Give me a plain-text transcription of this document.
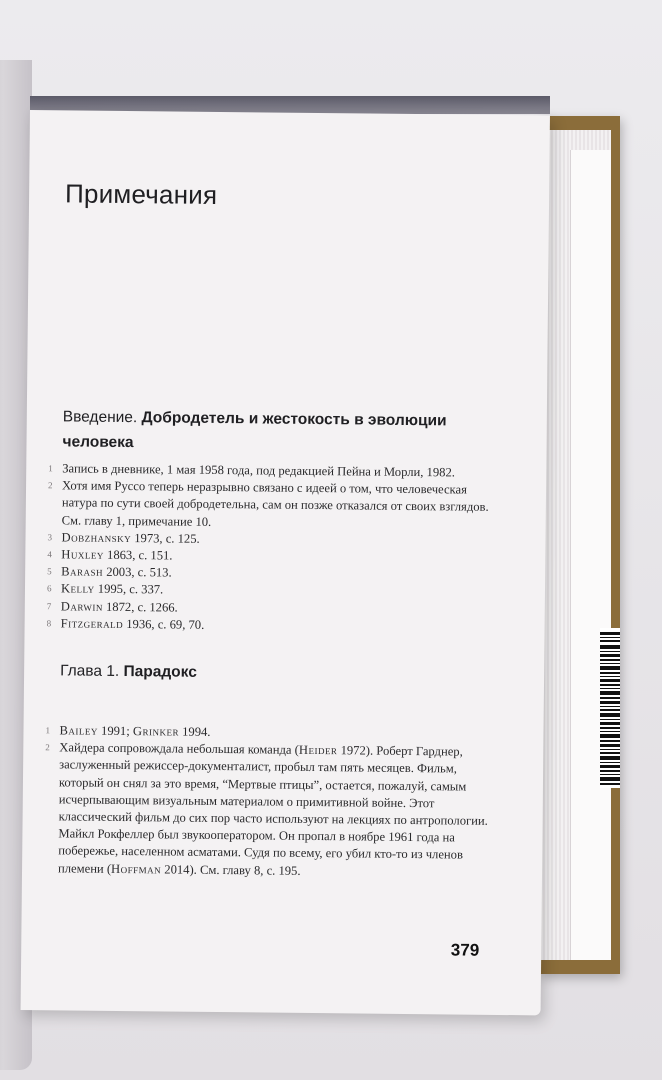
Примечания
Введение. Добродетель и жестокость в эволюции человека
1 Запись в дневнике, 1 мая 1958 года, под редакцией Пейна и Морли, 1982.
2 Хотя имя Руссо теперь неразрывно связано с идеей о том, что человеческая натура по сути своей добродетельна, сам он позже отказался от своих взглядов. См. главу 1, примечание 10.
3 Dobzhansky 1973, с. 125.
4 Huxley 1863, с. 151.
5 Barash 2003, с. 513.
6 Kelly 1995, с. 337.
7 Darwin 1872, с. 1266.
8 Fitzgerald 1936, с. 69, 70.
Глава 1. Парадокс
1 Bailey 1991; Grinker 1994.
2 Хайдера сопровождала небольшая команда (Heider 1972). Роберт Гарднер, заслуженный режиссер-документалист, пробыл там пять месяцев. Фильм, который он снял за это время, “Мертвые птицы”, остается, пожалуй, самым исчерпывающим визуальным материалом о примитивной войне. Этот классический фильм до сих пор часто используют на лекциях по антропологии. Майкл Рокфеллер был звукооператором. Он пропал в ноябре 1961 года на побережье, населенном асматами. Судя по всему, его убил кто-то из членов племени (Hoffman 2014). См. главу 8, с. 195.
379
